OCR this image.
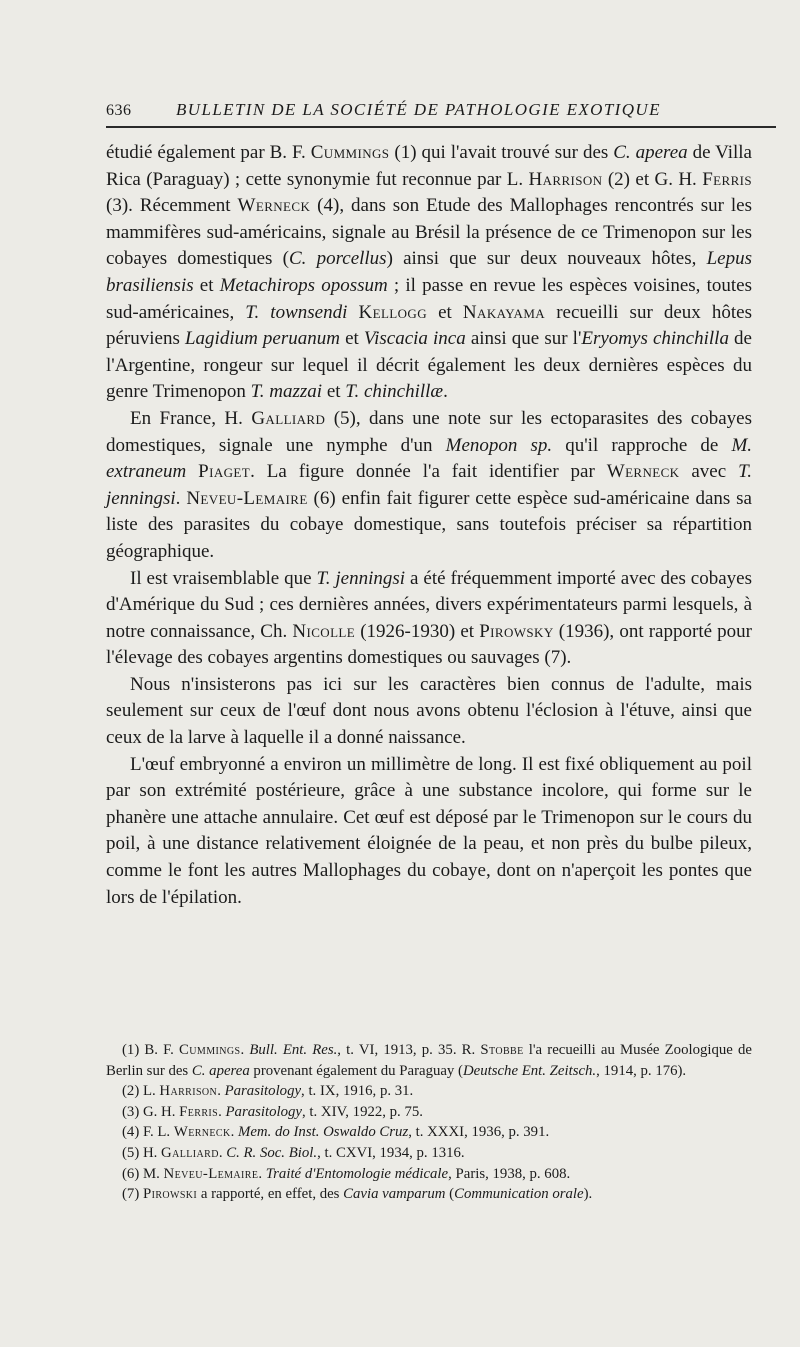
636	BULLETIN DE LA SOCIÉTÉ DE PATHOLOGIE EXOTIQUE

étudié également par B. F. Cummings (1) qui l'avait trouvé sur des C. aperea de Villa Rica (Paraguay) ; cette synonymie fut reconnue par L. Harrison (2) et G. H. Ferris (3). Récemment Werneck (4), dans son Etude des Mallophages rencontrés sur les mammifères sud-américains, signale au Brésil la présence de ce Trimenopon sur les cobayes domestiques (C. porcellus) ainsi que sur deux nouveaux hôtes, Lepus brasiliensis et Metachirops opossum ; il passe en revue les espèces voisines, toutes sud-américaines, T. townsendi Kellogg et Nakayama recueilli sur deux hôtes péruviens Lagidium peruanum et Viscacia inca ainsi que sur l'Eryomys chinchilla de l'Argentine, rongeur sur lequel il décrit également les deux dernières espèces du genre Trimenopon T. mazzai et T. chinchillæ.

En France, H. Galliard (5), dans une note sur les ectoparasites des cobayes domestiques, signale une nymphe d'un Menopon sp. qu'il rapproche de M. extraneum Piaget. La figure donnée l'a fait identifier par Werneck avec T. jenningsi. Neveu-Lemaire (6) enfin fait figurer cette espèce sud-américaine dans sa liste des parasites du cobaye domestique, sans toutefois préciser sa répartition géographique.

Il est vraisemblable que T. jenningsi a été fréquemment importé avec des cobayes d'Amérique du Sud ; ces dernières années, divers expérimentateurs parmi lesquels, à notre connaissance, Ch. Nicolle (1926-1930) et Pirowsky (1936), ont rapporté pour l'élevage des cobayes argentins domestiques ou sauvages (7).

Nous n'insisterons pas ici sur les caractères bien connus de l'adulte, mais seulement sur ceux de l'œuf dont nous avons obtenu l'éclosion à l'étuve, ainsi que ceux de la larve à laquelle il a donné naissance.

L'œuf embryonné a environ un millimètre de long. Il est fixé obliquement au poil par son extrémité postérieure, grâce à une substance incolore, qui forme sur le phanère une attache annulaire. Cet œuf est déposé par le Trimenopon sur le cours du poil, à une distance relativement éloignée de la peau, et non près du bulbe pileux, comme le font les autres Mallophages du cobaye, dont on n'aperçoit les pontes que lors de l'épilation.

(1) B. F. Cummings. Bull. Ent. Res., t. VI, 1913, p. 35. R. Stobbe l'a recueilli au Musée Zoologique de Berlin sur des C. aperea provenant également du Paraguay (Deutsche Ent. Zeitsch., 1914, p. 176).

(2) L. Harrison. Parasitology, t. IX, 1916, p. 31.

(3) G. H. Ferris. Parasitology, t. XIV, 1922, p. 75.

(4) F. L. Werneck. Mem. do Inst. Oswaldo Cruz, t. XXXI, 1936, p. 391.

(5) H. Galliard. C. R. Soc. Biol., t. CXVI, 1934, p. 1316.

(6) M. Neveu-Lemaire. Traité d'Entomologie médicale, Paris, 1938, p. 608.

(7) Pirowski a rapporté, en effet, des Cavia vamparum (Communication orale).
